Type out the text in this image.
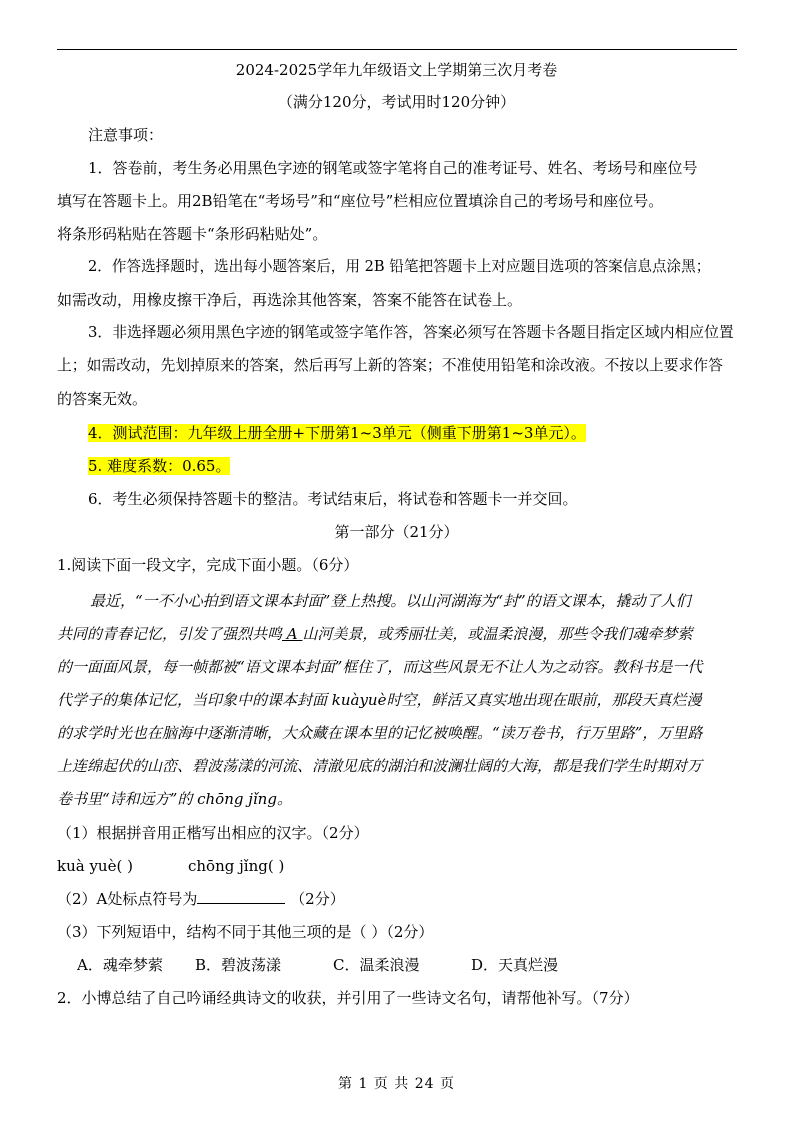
2024-2025学年九年级语文上学期第三次月考卷
（满分120分，考试用时120分钟）
注意事项：
1．答卷前，考生务必用黑色字迹的钢笔或签字笔将自己的准考证号、姓名、考场号和座位号
填写在答题卡上。用2B铅笔在“考场号”和“座位号”栏相应位置填涂自己的考场号和座位号。
将条形码粘贴在答题卡“条形码粘贴处”。
2．作答选择题时，选出每小题答案后，用 2B 铅笔把答题卡上对应题目选项的答案信息点涂黑；
如需改动，用橡皮擦干净后，再选涂其他答案，答案不能答在试卷上。
3．非选择题必须用黑色字迹的钢笔或签字笔作答，答案必须写在答题卡各题目指定区域内相应位置
上；如需改动，先划掉原来的答案，然后再写上新的答案；不准使用铅笔和涂改液。不按以上要求作答
的答案无效。
4．测试范围：九年级上册全册+下册第1~3单元（侧重下册第1~3单元）。
5. 难度系数：0.65。
6．考生必须保持答题卡的整洁。考试结束后，将试卷和答题卡一并交回。
第一部分（21分）
1.阅读下面一段文字，完成下面小题。（6分）
最近，“一不小心拍到语文课本封面”登上热搜。以山河湖海为“封”的语文课本，撬动了人们
共同的青春记忆，引发了强烈共鸣 A 山河美景，或秀丽壮美，或温柔浪漫，那些令我们魂牵梦萦
的一面面风景，每一帧都被“语文课本封面”框住了，而这些风景无不让人为之动容。教科书是一代
代学子的集体记忆，当印象中的课本封面 kuàyuè时空，鲜活又真实地出现在眼前，那段天真烂漫
的求学时光也在脑海中逐渐清晰，大众藏在课本里的记忆被唤醒。“读万卷书，行万里路”，万里路
上连绵起伏的山峦、碧波荡漾的河流、清澈见底的湖泊和波澜壮阔的大海，都是我们学生时期对万
卷书里“诗和远方”的 chōng jǐng。
（1）根据拼音用正楷写出相应的汉字。（2分）
kuà yuè( )	chōng jǐng( )
（2）A处标点符号为	（2分）
（3）下列短语中，结构不同于其他三项的是（ ）（2分）
A．魂牵梦萦 B．碧波荡漾	C．温柔浪漫	D．天真烂漫
2．小博总结了自己吟诵经典诗文的收获，并引用了一些诗文名句，请帮他补写。（7分）
第 1 页 共 24 页
